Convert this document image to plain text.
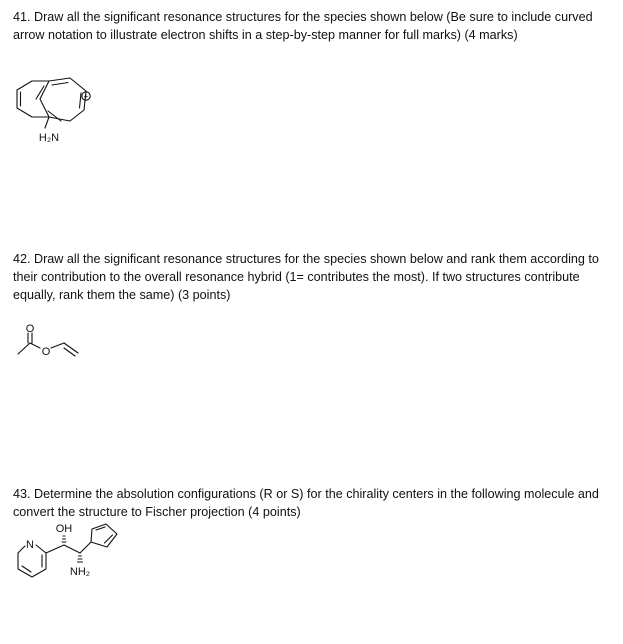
41. Draw all the significant resonance structures for the species shown below (Be sure to include curved arrow notation to illustrate electron shifts in a step-by-step manner for full marks) (4 marks)

+
H₂N

42. Draw all the significant resonance structures for the species shown below and rank them according to their contribution to the overall resonance hybrid (1= contributes the most). If two structures contribute equally, rank them the same) (3 points)

O
O

43. Determine the absolution configurations (R or S) for the chirality centers in the following molecule and convert the structure to Fischer projection (4 points)

OH
N
NH₂
